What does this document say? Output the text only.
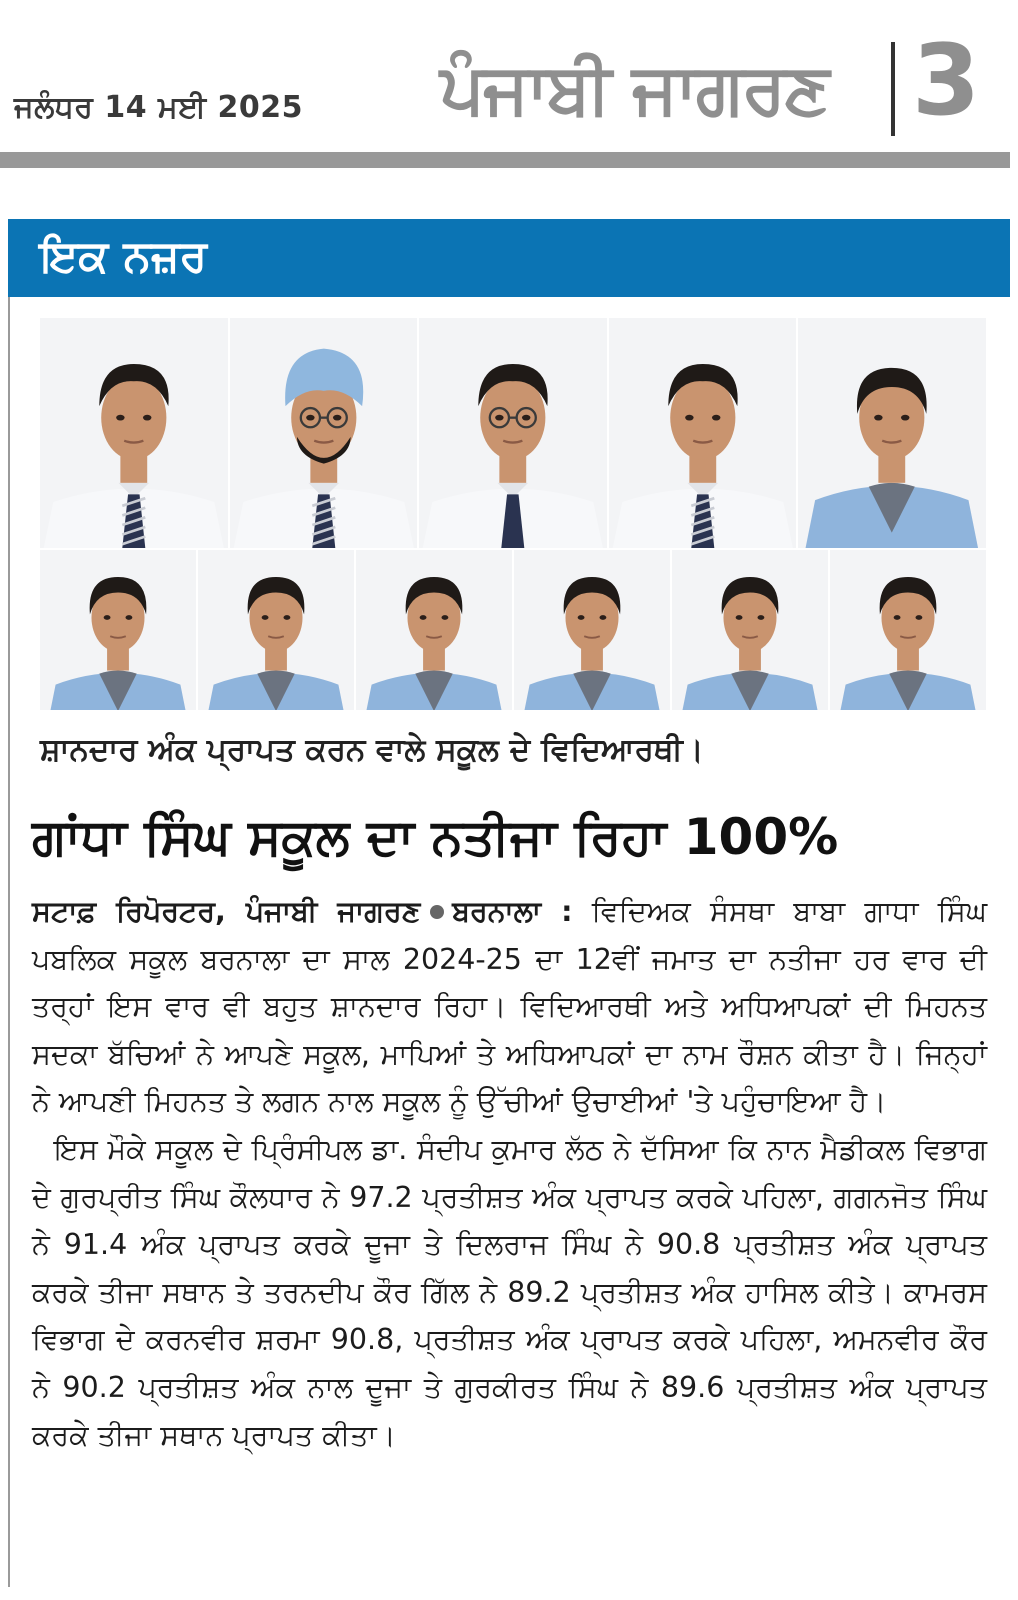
ਜਲੰਧਰ 14 ਮਈ 2025 ਪੰਜਾਬੀ ਜਾਗਰਣ 3
ਇਕ ਨਜ਼ਰ
ਸ਼ਾਨਦਾਰ ਅੰਕ ਪ੍ਰਾਪਤ ਕਰਨ ਵਾਲੇ ਸਕੂਲ ਦੇ ਵਿਦਿਆਰਥੀ।
ਗਾਂਧਾ ਸਿੰਘ ਸਕੂਲ ਦਾ ਨਤੀਜਾ ਰਿਹਾ 100%
ਸਟਾਫ਼ ਰਿਪੋਰਟਰ, ਪੰਜਾਬੀ ਜਾਗਰਣ ਬਰਨਾਲਾ : ਵਿਦਿਅਕ ਸੰਸਥਾ ਬਾਬਾ ਗਾਧਾ ਸਿੰਘ ਪਬਲਿਕ ਸਕੂਲ ਬਰਨਾਲਾ ਦਾ ਸਾਲ 2024-25 ਦਾ 12ਵੀਂ ਜਮਾਤ ਦਾ ਨਤੀਜਾ ਹਰ ਵਾਰ ਦੀ ਤਰ੍ਹਾਂ ਇਸ ਵਾਰ ਵੀ ਬਹੁਤ ਸ਼ਾਨਦਾਰ ਰਿਹਾ। ਵਿਦਿਆਰਥੀ ਅਤੇ ਅਧਿਆਪਕਾਂ ਦੀ ਮਿਹਨਤ ਸਦਕਾ ਬੱਚਿਆਂ ਨੇ ਆਪਣੇ ਸਕੂਲ, ਮਾਪਿਆਂ ਤੇ ਅਧਿਆਪਕਾਂ ਦਾ ਨਾਮ ਰੌਸ਼ਨ ਕੀਤਾ ਹੈ। ਜਿਨ੍ਹਾਂ ਨੇ ਆਪਣੀ ਮਿਹਨਤ ਤੇ ਲਗਨ ਨਾਲ ਸਕੂਲ ਨੂੰ ਉੱਚੀਆਂ ਉਚਾਈਆਂ 'ਤੇ ਪਹੁੰਚਾਇਆ ਹੈ।
ਇਸ ਮੌਕੇ ਸਕੂਲ ਦੇ ਪ੍ਰਿੰਸੀਪਲ ਡਾ. ਸੰਦੀਪ ਕੁਮਾਰ ਲੱਠ ਨੇ ਦੱਸਿਆ ਕਿ ਨਾਨ ਮੈਡੀਕਲ ਵਿਭਾਗ ਦੇ ਗੁਰਪ੍ਰੀਤ ਸਿੰਘ ਕੌਲਧਾਰ ਨੇ 97.2 ਪ੍ਰਤੀਸ਼ਤ ਅੰਕ ਪ੍ਰਾਪਤ ਕਰਕੇ ਪਹਿਲਾ, ਗਗਨਜੋਤ ਸਿੰਘ ਨੇ 91.4 ਅੰਕ ਪ੍ਰਾਪਤ ਕਰਕੇ ਦੂਜਾ ਤੇ ਦਿਲਰਾਜ ਸਿੰਘ ਨੇ 90.8 ਪ੍ਰਤੀਸ਼ਤ ਅੰਕ ਪ੍ਰਾਪਤ ਕਰਕੇ ਤੀਜਾ ਸਥਾਨ ਤੇ ਤਰਨਦੀਪ ਕੌਰ ਗਿੱਲ ਨੇ 89.2 ਪ੍ਰਤੀਸ਼ਤ ਅੰਕ ਹਾਸਿਲ ਕੀਤੇ। ਕਾਮਰਸ ਵਿਭਾਗ ਦੇ ਕਰਨਵੀਰ ਸ਼ਰਮਾ 90.8, ਪ੍ਰਤੀਸ਼ਤ ਅੰਕ ਪ੍ਰਾਪਤ ਕਰਕੇ ਪਹਿਲਾ, ਅਮਨਵੀਰ ਕੌਰ ਨੇ 90.2 ਪ੍ਰਤੀਸ਼ਤ ਅੰਕ ਨਾਲ ਦੂਜਾ ਤੇ ਗੁਰਕੀਰਤ ਸਿੰਘ ਨੇ 89.6 ਪ੍ਰਤੀਸ਼ਤ ਅੰਕ ਪ੍ਰਾਪਤ ਕਰਕੇ ਤੀਜਾ ਸਥਾਨ ਪ੍ਰਾਪਤ ਕੀਤਾ।
